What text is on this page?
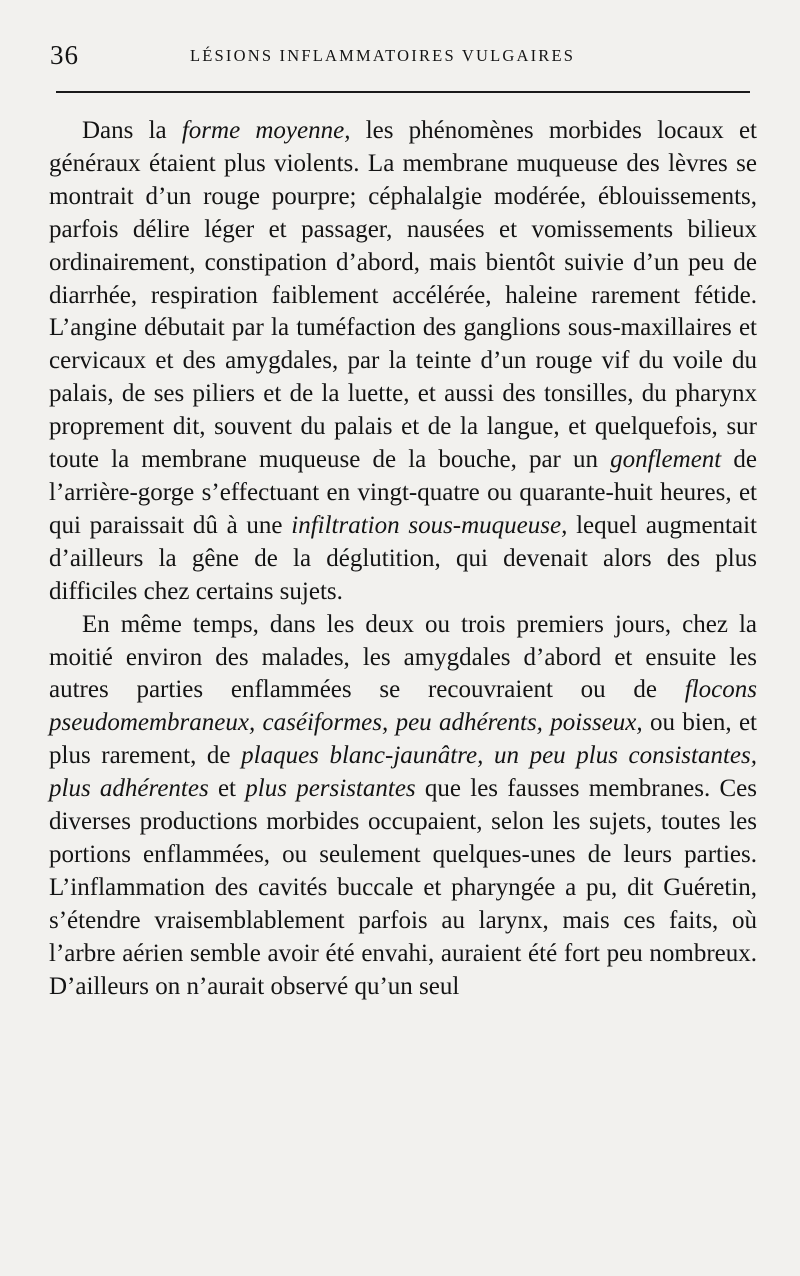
36	LÉSIONS INFLAMMATOIRES VULGAIRES

Dans la forme moyenne, les phénomènes morbides locaux et généraux étaient plus violents. La membrane muqueuse des lèvres se montrait d’un rouge pourpre; céphalalgie modérée, éblouissements, parfois délire léger et passager, nausées et vomissements bilieux ordinairement, constipation d’abord, mais bientôt suivie d’un peu de diarrhée, respiration faiblement accélérée, haleine rarement fétide. L’angine débutait par la tuméfaction des ganglions sous-maxillaires et cervicaux et des amygdales, par la teinte d’un rouge vif du voile du palais, de ses piliers et de la luette, et aussi des tonsilles, du pharynx proprement dit, souvent du palais et de la langue, et quelquefois, sur toute la membrane muqueuse de la bouche, par un gonflement de l’arrière-gorge s’effectuant en vingt-quatre ou quarante-huit heures, et qui paraissait dû à une infiltration sous-muqueuse, lequel augmentait d’ailleurs la gêne de la déglutition, qui devenait alors des plus difficiles chez certains sujets.

En même temps, dans les deux ou trois premiers jours, chez la moitié environ des malades, les amygdales d’abord et ensuite les autres parties enflammées se recouvraient ou de flocons pseudomembraneux, caséiformes, peu adhérents, poisseux, ou bien, et plus rarement, de plaques blanc-jaunâtre, un peu plus consistantes, plus adhérentes et plus persistantes que les fausses membranes. Ces diverses productions morbides occupaient, selon les sujets, toutes les portions enflammées, ou seulement quelques-unes de leurs parties. L’inflammation des cavités buccale et pharyngée a pu, dit Guéretin, s’étendre vraisemblablement parfois au larynx, mais ces faits, où l’arbre aérien semble avoir été envahi, auraient été fort peu nombreux. D’ailleurs on n’aurait observé qu’un seul
